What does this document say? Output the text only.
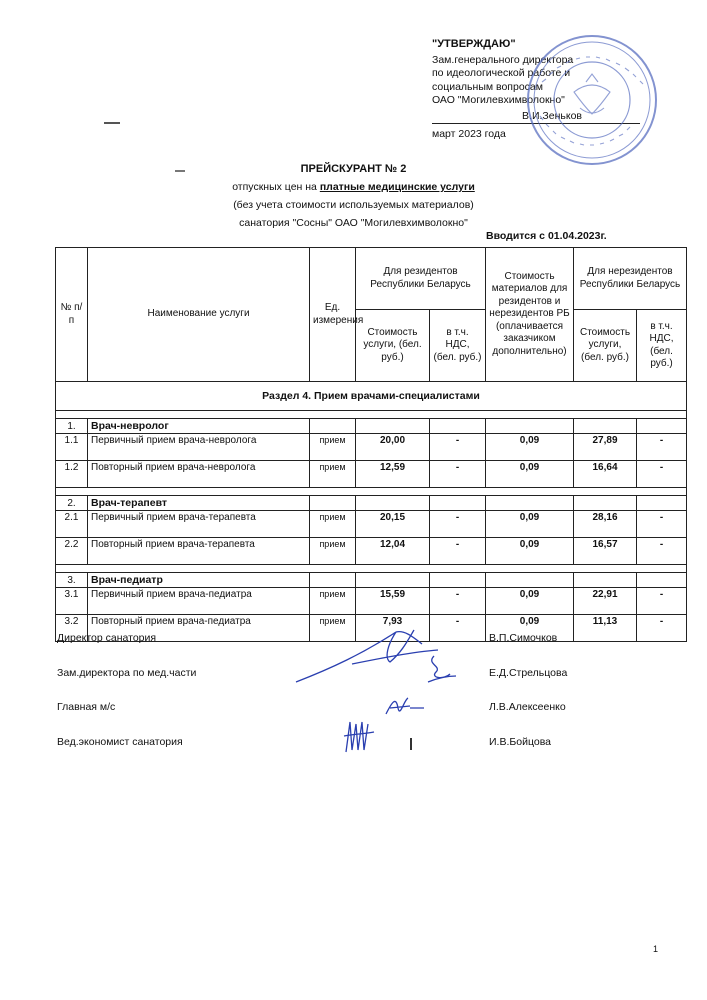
"УТВЕРЖДАЮ"
Зам.генерального директора
по идеологической работе и
социальным вопросам
ОАО "Могилевхимволокно"
В.И.Зеньков
март 2023 года
ПРЕЙСКУРАНТ № 2
отпускных цен на платные медицинские услуги
(без учета стоимости используемых материалов)
санатория "Сосны" ОАО "Могилевхимволокно"
Вводится с 01.04.2023г.
№ п/п	Наименование услуги	Ед. измерения	Для резидентов Республики Беларусь		Стоимость материалов для резидентов и нерезидентов РБ (оплачивается заказчиком дополнительно)	Для нерезидентов Республики Беларусь	
			Стоимость услуги, (бел. руб.)	в т.ч. НДС, (бел. руб.)		Стоимость услуги, (бел. руб.)	в т.ч. НДС, (бел. руб.)
Раздел 4. Прием врачами-специалистами							

1.	Врач-невролог						
1.1	Первичный прием врача-невролога	прием	20,00	-	0,09	27,89	-
1.2	Повторный прием врача-невролога	прием	12,59	-	0,09	16,64	-

2.	Врач-терапевт						
2.1	Первичный прием врача-терапевта	прием	20,15	-	0,09	28,16	-
2.2	Повторный прием врача-терапевта	прием	12,04	-	0,09	16,57	-

3.	Врач-педиатр						
3.1	Первичный прием врача-педиатра	прием	15,59	-	0,09	22,91	-
3.2	Повторный прием врача-педиатра	прием	7,93	-	0,09	11,13	-
Директор санатория	В.П.Симочков
Зам.директора по мед.части	Е.Д.Стрельцова
Главная м/с	Л.В.Алексеенко
Вед.экономист санатория	И.В.Бойцова
1
